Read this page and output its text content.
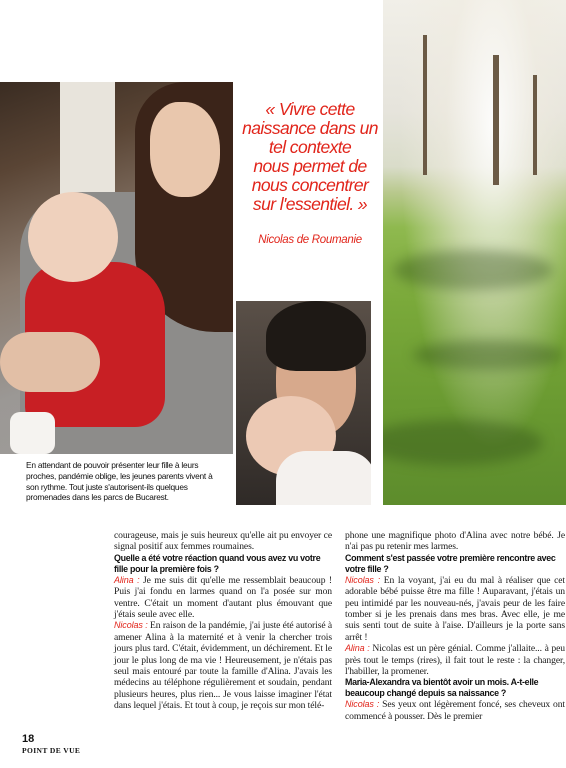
« Vivre cette
naissance dans un
tel contexte
nous permet de
nous concentrer
sur l'essentiel. »
Nicolas de Roumanie
En attendant de pouvoir présenter leur fille à leurs proches, pandémie oblige, les jeunes parents vivent à son rythme. Tout juste s'autorisent-ils quelques promenades dans les parcs de Bucarest.

courageuse, mais je suis heureux qu'elle ait pu envoyer ce signal positif aux femmes roumaines.

Quelle a été votre réaction quand vous avez vu votre fille pour la première fois ?

Alina : Je me suis dit qu'elle me ressemblait beaucoup ! Puis j'ai fondu en larmes quand on l'a posée sur mon ventre. C'était un moment d'autant plus émouvant que j'étais seule avec elle.

Nicolas : En raison de la pandémie, j'ai juste été autorisé à amener Alina à la maternité et à venir la chercher trois jours plus tard. C'était, évidemment, un déchirement. Et le jour le plus long de ma vie ! Heureusement, je n'étais pas seul mais entouré par toute la famille d'Alina. J'avais les médecins au téléphone régulièrement et soudain, pendant plusieurs heures, plus rien... Je vous laisse imaginer l'état dans lequel j'étais. Et tout à coup, je reçois sur mon télé-

phone une magnifique photo d'Alina avec notre bébé. Je n'ai pas pu retenir mes larmes.

Comment s'est passée votre première rencontre avec votre fille ?

Nicolas : En la voyant, j'ai eu du mal à réaliser que cet adorable bébé puisse être ma fille ! Auparavant, j'étais un peu intimidé par les nouveau-nés, j'avais peur de les faire tomber si je les prenais dans mes bras. Avec elle, je me suis senti tout de suite à l'aise. D'ailleurs je la porte sans arrêt !

Alina : Nicolas est un père génial. Comme j'allaite... à peu près tout le temps (rires), il fait tout le reste : la changer, l'habiller, la promener.

Maria-Alexandra va bientôt avoir un mois. A-t-elle beaucoup changé depuis sa naissance ?

Nicolas : Ses yeux ont légèrement foncé, ses cheveux ont commencé à pousser. Dès le premier

18
POINT DE VUE
